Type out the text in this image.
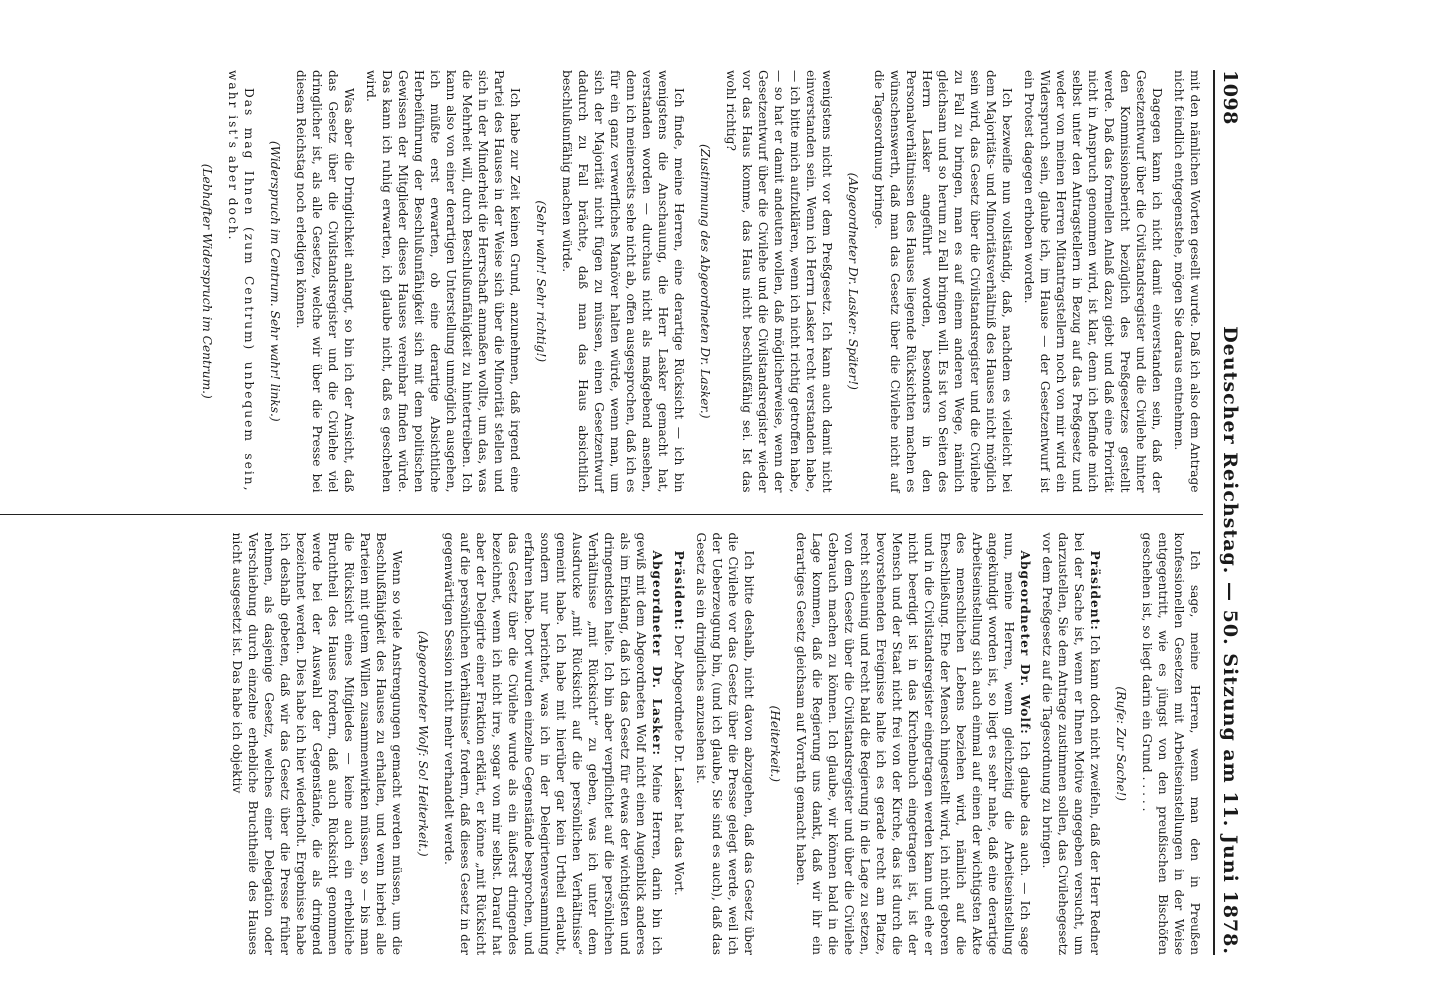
1098
Deutscher Reichstag. — 50. Sitzung am 11. Juni 1878.

mit den nämlichen Worten gesellt wurde. Daß ich also dem Antrage nicht feindlich entgegenstehe, mögen Sie daraus entnehmen.

Dagegen kann ich nicht damit einverstanden sein, daß der Gesetzentwurf über die Civilstandsregister und die Civilehe hinter den Kommissionsbericht bezüglich des Preßgesetzes gestellt werde. Daß das formellen Anlaß dazu giebt und daß eine Priorität nicht in Anspruch genommen wird, ist klar, denn ich befinde mich selbst unter den Antragstellern in Bezug auf das Preßgesetz und weder von meinen Herren Mitantragstellern noch von mir wird ein Widerspruch sein, glaube ich, im Hause — der Gesetzentwurf ist ein Protest dagegen erhoben worden.

Ich bezweifle nun vollständig, daß, nachdem es vielleicht bei dem Majoritäts- und Minoritätsverhältniß des Hauses nicht möglich sein wird, das Gesetz über die Civilstandsregister und die Civilehe zu Fall zu bringen, man es auf einem anderen Wege, nämlich gleichsam und so herum zu Fall bringen will. Es ist von Seiten des Herrn Lasker angeführt worden, besonders in den Personalverhältnissen des Hauses liegende Rücksichten machen es wünschenswerth, daß man das Gesetz über die Civilehe nicht auf die Tagesordnung bringe.

(Abgeordneter Dr. Lasker: Später!)

wenigstens nicht vor dem Preßgesetz. Ich kann auch damit nicht einverstanden sein. Wenn ich Herrn Lasker recht verstanden habe, — ich bitte mich aufzuklären, wenn ich nicht richtig getroffen habe, — so hat er damit andeuten wollen, daß möglicherweise, wenn der Gesetzentwurf über die Civilehe und die Civilstandsregister wieder vor das Haus komme, das Haus nicht beschlußfähig sei. Ist das wohl richtig?

(Zustimmung des Abgeordneten Dr. Lasker.)

Ich finde, meine Herren, eine derartige Rücksicht — ich bin wenigstens die Anschauung, die Herr Lasker gemacht hat, verstanden worden — durchaus nicht als maßgebend ansehen, denn ich meinerseits sehe nicht ab, offen ausgesprochen, daß ich es für ein ganz verwerfliches Manöver halten würde, wenn man, um sich der Majorität nicht fügen zu müssen, einen Gesetzentwurf dadurch zu Fall brächte, daß man das Haus absichtlich beschlußunfähig machen würde.

(Sehr wahr! Sehr richtig!)

Ich habe zur Zeit keinen Grund, anzunehmen, daß irgend eine Partei des Hauses in der Weise sich über die Minorität stellen und sich in der Minderheit die Herrschaft anmaßen wollte, um das, was die Mehrheit will, durch Beschlußunfähigkeit zu hintertreiben. Ich kann also von einer derartigen Unterstellung unmöglich ausgehen, ich müßte erst erwarten, ob eine derartige Absichtliche Herbeiführung der Beschlußunfähigkeit sich mit dem politischen Gewissen der Mitglieder dieses Hauses vereinbar finden würde. Das kann ich ruhig erwarten, ich glaube nicht, daß es geschehen wird.

Was aber die Dringlichkeit anlangt, so bin ich der Ansicht, daß das Gesetz über die Civilstandsregister und die Civilehe viel dringlicher ist, als alle Gesetze, welche wir über die Presse bei diesem Reichstag noch erledigen können.

(Widerspruch im Centrum. Sehr wahr! links.)

Das mag Ihnen (zum Centrum) unbequem sein, wahr ist's aber doch.

(Lebhafter Widerspruch im Centrum.)

Ich sage, meine Herren, wenn man den in Preußen konfessionellen Gesetzen mit Arbeitseinstellungen in der Weise entgegentritt, wie es jüngst von den preußischen Bischöfen geschehen ist, so liegt darin ein Grund . . . . .

(Rufe: Zur Sache!)

Präsident: Ich kann doch nicht zweifeln, daß der Herr Redner bei der Sache ist, wenn er Ihnen Motive angegeben versucht, um darzustellen, Sie dem Antrage zustimmen sollen, das Civilehegesetz vor dem Preßgesetz auf die Tagesordnung zu bringen.

Abgeordneter Dr. Wolf: Ich glaube das auch. — Ich sage nun, meine Herren, wenn gleichzeitig die Arbeitseinstellung angekündigt worden ist, so liegt es sehr nahe, daß eine derartige Arbeitseinstellung sich auch einmal auf einen der wichtigsten Akte des menschlichen Lebens beziehen wird, nämlich auf die Eheschließung. Ehe der Mensch hingestellt wird, ich nicht geboren und in die Civilstandsregister eingetragen werden kann und ehe er nicht beerdigt ist in das Kirchenbuch eingetragen ist, ist der Mensch und der Staat nicht frei von der Kirche, das ist durch die bevorstehenden Ereignisse halte ich es gerade recht am Platze, recht schleunig und recht bald die Regierung in die Lage zu setzen, von dem Gesetz über die Civilstandsregister und über die Civilehe Gebrauch machen zu können. Ich glaube, wir können bald in die Lage kommen, daß die Regierung uns dankt, daß wir ihr ein derartiges Gesetz gleichsam auf Vorrath gemacht haben.

(Heiterkeit.)

Ich bitte deshalb, nicht davon abzugehen, daß das Gesetz über die Civilehe vor das Gesetz über die Presse gelegt werde, weil ich der Ueberzeugung bin, (und ich glaube, Sie sind es auch), daß das Gesetz als ein dringliches anzusehen ist.

Präsident: Der Abgeordnete Dr. Lasker hat das Wort.

Abgeordneter Dr. Lasker: Meine Herren, darin bin ich gewiß mit dem Abgeordneten Wolf nicht einen Augenblick anderes als im Einklang, daß ich das Gesetz für etwas der wichtigsten und dringendsten halte. Ich bin aber verpflichtet auf die persönlichen Verhältnisse „mit Rücksicht“ zu geben, was ich unter dem Ausdrucke „mit Rücksicht auf die persönlichen Verhältnisse“ gemeint habe. Ich habe mit hierüber gar kein Urtheil erlaubt, sondern nur berichtet, was ich in der Delegirtenversammlung erfahren habe. Dort wurden einzelne Gegenstände besprochen, und das Gesetz über die Civilehe wurde als ein äußerst dringendes bezeichnet, wenn ich nicht irre, sogar von mir selbst. Darauf hat aber der Delegirte einer Fraktion erklärt, er könne „mit Rücksicht auf die persönlichen Verhältnisse“ fordern, daß dieses Gesetz in der gegenwärtigen Session nicht mehr verhandelt werde.

(Abgeordneter Wolf: So! Heiterkeit.)

Wenn so viele Anstrengungen gemacht werden müssen, um die Beschlußfähigkeit des Hauses zu erhalten, und wenn hierbei alle Parteien mit gutem Willen zusammenwirken müssen, so — bis man die Rücksicht eines Mitgliedes — keine auch ein erhebliche Bruchtheil des Hauses fordern, daß auch Rücksicht genommen werde bei der Auswahl der Gegenstände, die als dringend bezeichnet werden. Dies habe ich hier wiederholt. Ergebnisse habe ich deshalb gebeten, daß wir das Gesetz über die Presse früher nehmen, als dasjenige Gesetz, welches einer Delegation oder Verschiebung durch einzelne erhebliche Bruchtheile des Hauses nicht ausgesetzt ist. Das habe ich objektiv
